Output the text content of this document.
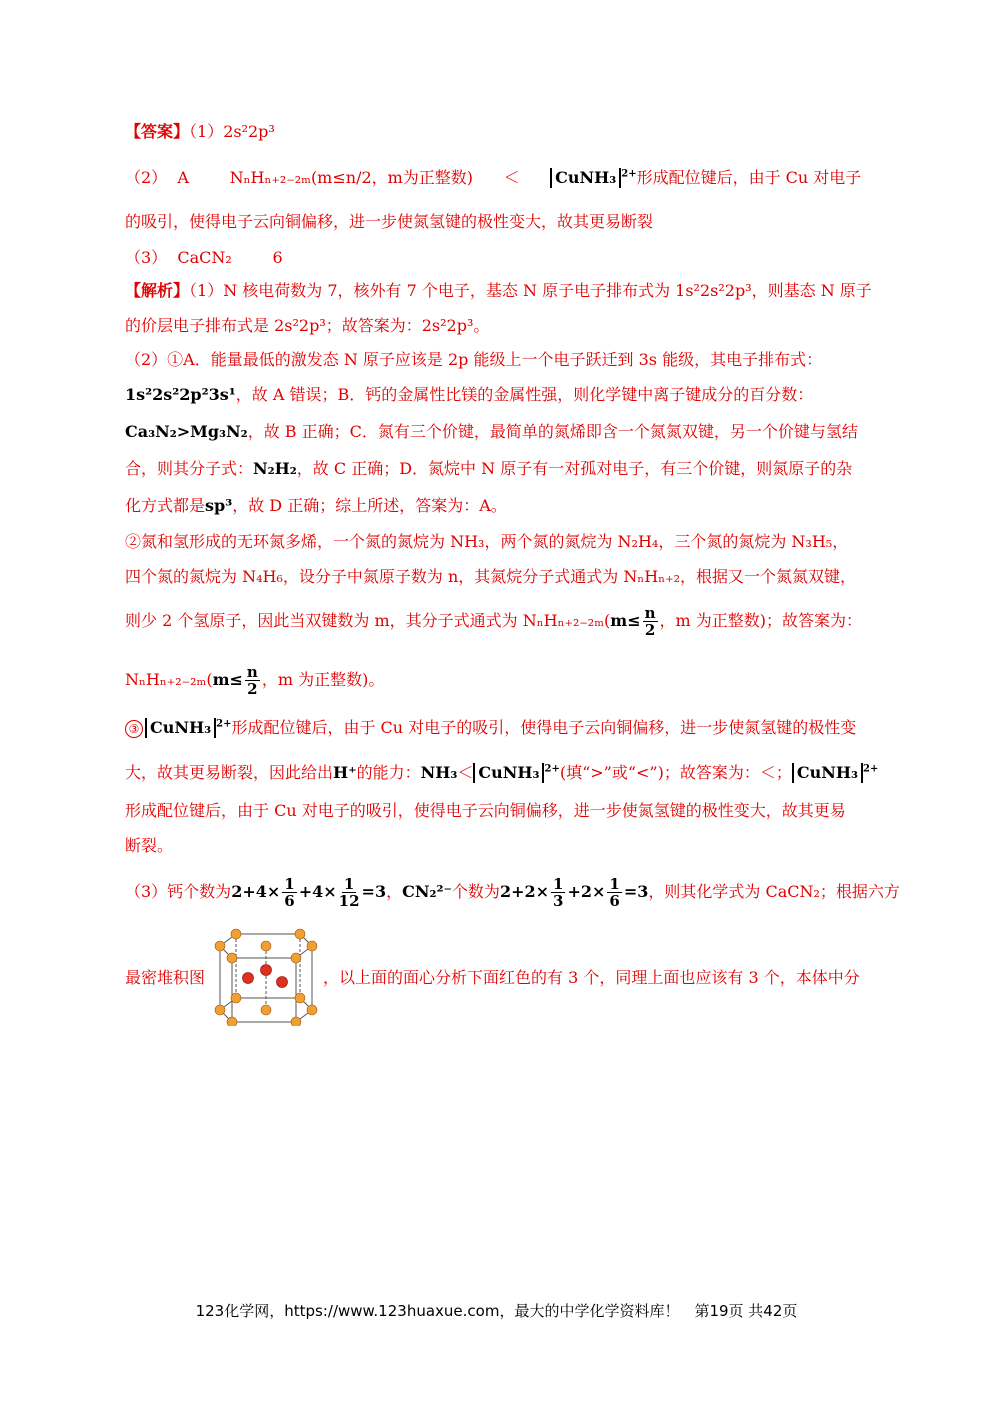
【答案】（1）2s²2p³
（2） A	NₙHₙ₊₂₋₂ₘ(m≤n/2，m为正整数) ＜ CuNH₃ $^{2+}$形成配位键后，由于 Cu 对电子
的吸引，使得电子云向铜偏移，进一步使氮氢键的极性变大，故其更易断裂
（3） CaCN₂	6
【解析】（1）N 核电荷数为 7，核外有 7 个电子，基态 N 原子电子排布式为 1s²2s²2p³，则基态 N 原子
的价层电子排布式是 2s²2p³；故答案为：2s²2p³。
（2）①A．能量最低的激发态 N 原子应该是 2p 能级上一个电子跃迁到 3s 能级，其电子排布式：
1s²2s²2p²3s¹，故 A 错误；B．钙的金属性比镁的金属性强，则化学键中离子键成分的百分数：
Ca₃N₂>Mg₃N₂，故 B 正确；C．氮有三个价键，最简单的氮烯即含一个氮氮双键，另一个价键与氢结
合，则其分子式：N₂H₂，故 C 正确；D．氮烷中 N 原子有一对孤对电子，有三个价键，则氮原子的杂
化方式都是sp³，故 D 正确；综上所述，答案为：A。
②氮和氢形成的无环氮多烯，一个氮的氮烷为 NH₃，两个氮的氮烷为 N₂H₄，三个氮的氮烷为 N₃H₅，
四个氮的氮烷为 N₄H₆，设分子中氮原子数为 n，其氮烷分子式通式为 NₙHₙ₊₂，根据又一个氮氮双键，
则少 2 个氢原子，因此当双键数为 m，其分子式通式为 $N_nH_{n+2-2m}(m\le \frac{n}{2}$ ，m 为正整数)；故答案为：
$N_nH_{n+2-2m}(m\le \frac{n}{2}$ ，m 为正整数)。
③ CuNH₃ $^{2+}$形成配位键后，由于 Cu 对电子的吸引，使得电子云向铜偏移，进一步使氮氢键的极性变
大，故其更易断裂，因此给出H⁺的能力：NH₃＜ CuNH₃ $^{2+}$(填“>”或“<”)；故答案为：＜； CuNH₃ $^{2+}$
形成配位键后，由于 Cu 对电子的吸引，使得电子云向铜偏移，进一步使氮氢键的极性变大，故其更易
断裂。
（3）钙个数为$2+4\times \frac{1}{6} +4\times \frac{1}{12} =3$，CN₂²⁻个数为$2+2\times \frac{1}{3} +2\times \frac{1}{6} =3$，则其化学式为 CaCN₂；根据六方
最密堆积图	，以上面的面心分析下面红色的有 3 个，同理上面也应该有 3 个，本体中分
123化学网，https://www.123huaxue.com，最大的中学化学资料库！　第19页 共42页
